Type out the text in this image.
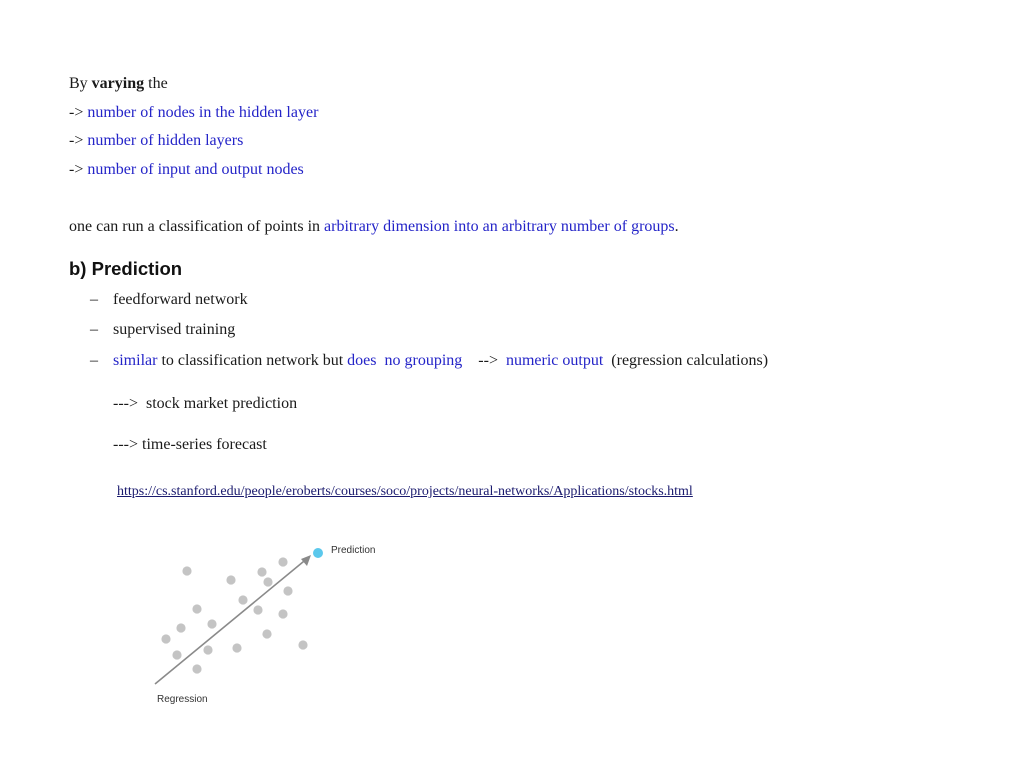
By varying the
-> number of nodes in the hidden layer
-> number of hidden layers
-> number of input and output nodes
one can run a classification of points in arbitrary dimension into an arbitrary number of groups.
b) Prediction
– feedforward network
– supervised training
– similar to classification network but does  no grouping    -->  numeric output  (regression calculations)
--->  stock market prediction
---> time-series forecast
https://cs.stanford.edu/people/eroberts/courses/soco/projects/neural-networks/Applications/stocks.html
Prediction
Regression
